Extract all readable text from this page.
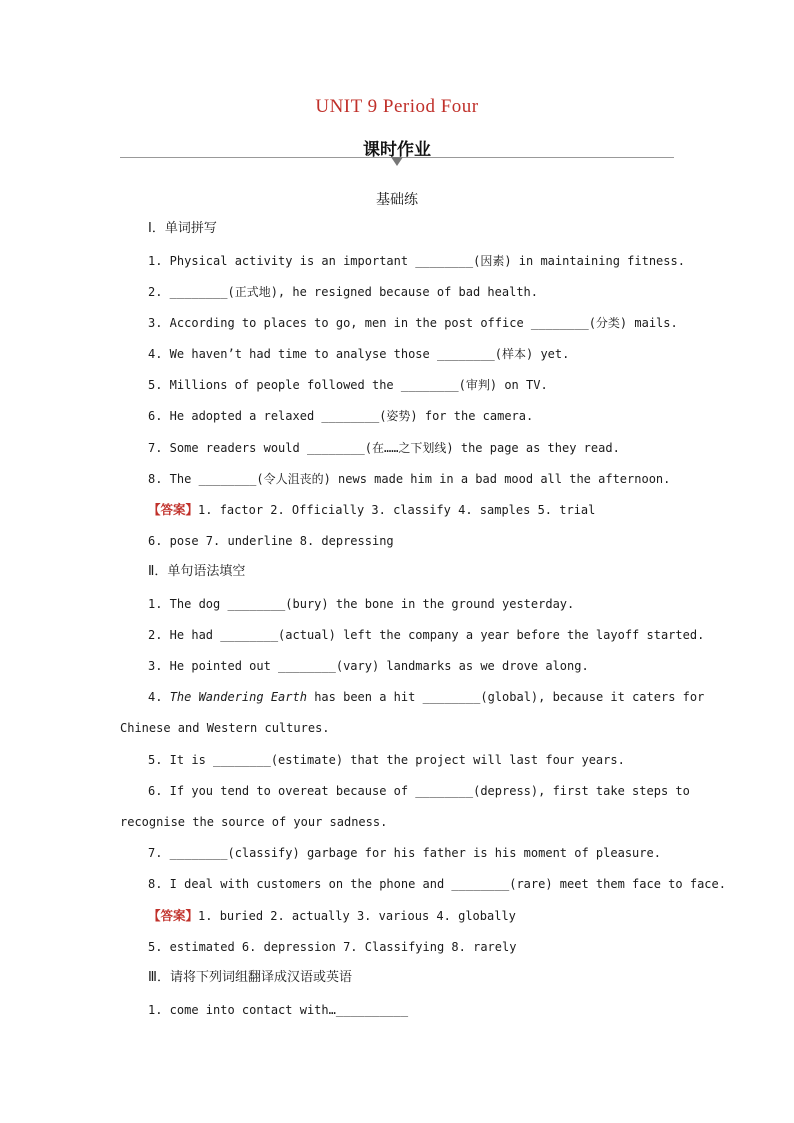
UNIT 9 Period Four
课时作业
基础练
Ⅰ．单词拼写
1. Physical activity is an important ________(因素) in maintaining fitness.
2. ________(正式地), he resigned because of bad health.
3. According to places to go, men in the post office ________(分类) mails.
4. We haven’t had time to analyse those ________(样本) yet.
5. Millions of people followed the ________(审判) on TV.
6. He adopted a relaxed ________(姿势) for the camera.
7. Some readers would ________(在……之下划线) the page as they read.
8. The ________(令人沮丧的) news made him in a bad mood all the afternoon.
【答案】1. factor 2. Officially 3. classify 4. samples 5. trial
6. pose 7. underline 8. depressing
Ⅱ．单句语法填空
1. The dog ________(bury) the bone in the ground yesterday.
2. He had ________(actual) left the company a year before the layoff started.
3. He pointed out ________(vary) landmarks as we drove along.
4. The Wandering Earth has been a hit ________(global), because it caters for
Chinese and Western cultures.
5. It is ________(estimate) that the project will last four years.
6. If you tend to overeat because of ________(depress), first take steps to
recognise the source of your sadness.
7. ________(classify) garbage for his father is his moment of pleasure.
8. I deal with customers on the phone and ________(rare) meet them face to face.
【答案】1. buried 2. actually 3. various 4. globally
5. estimated 6. depression 7. Classifying 8. rarely
Ⅲ．请将下列词组翻译成汉语或英语
1. come into contact with…__________
